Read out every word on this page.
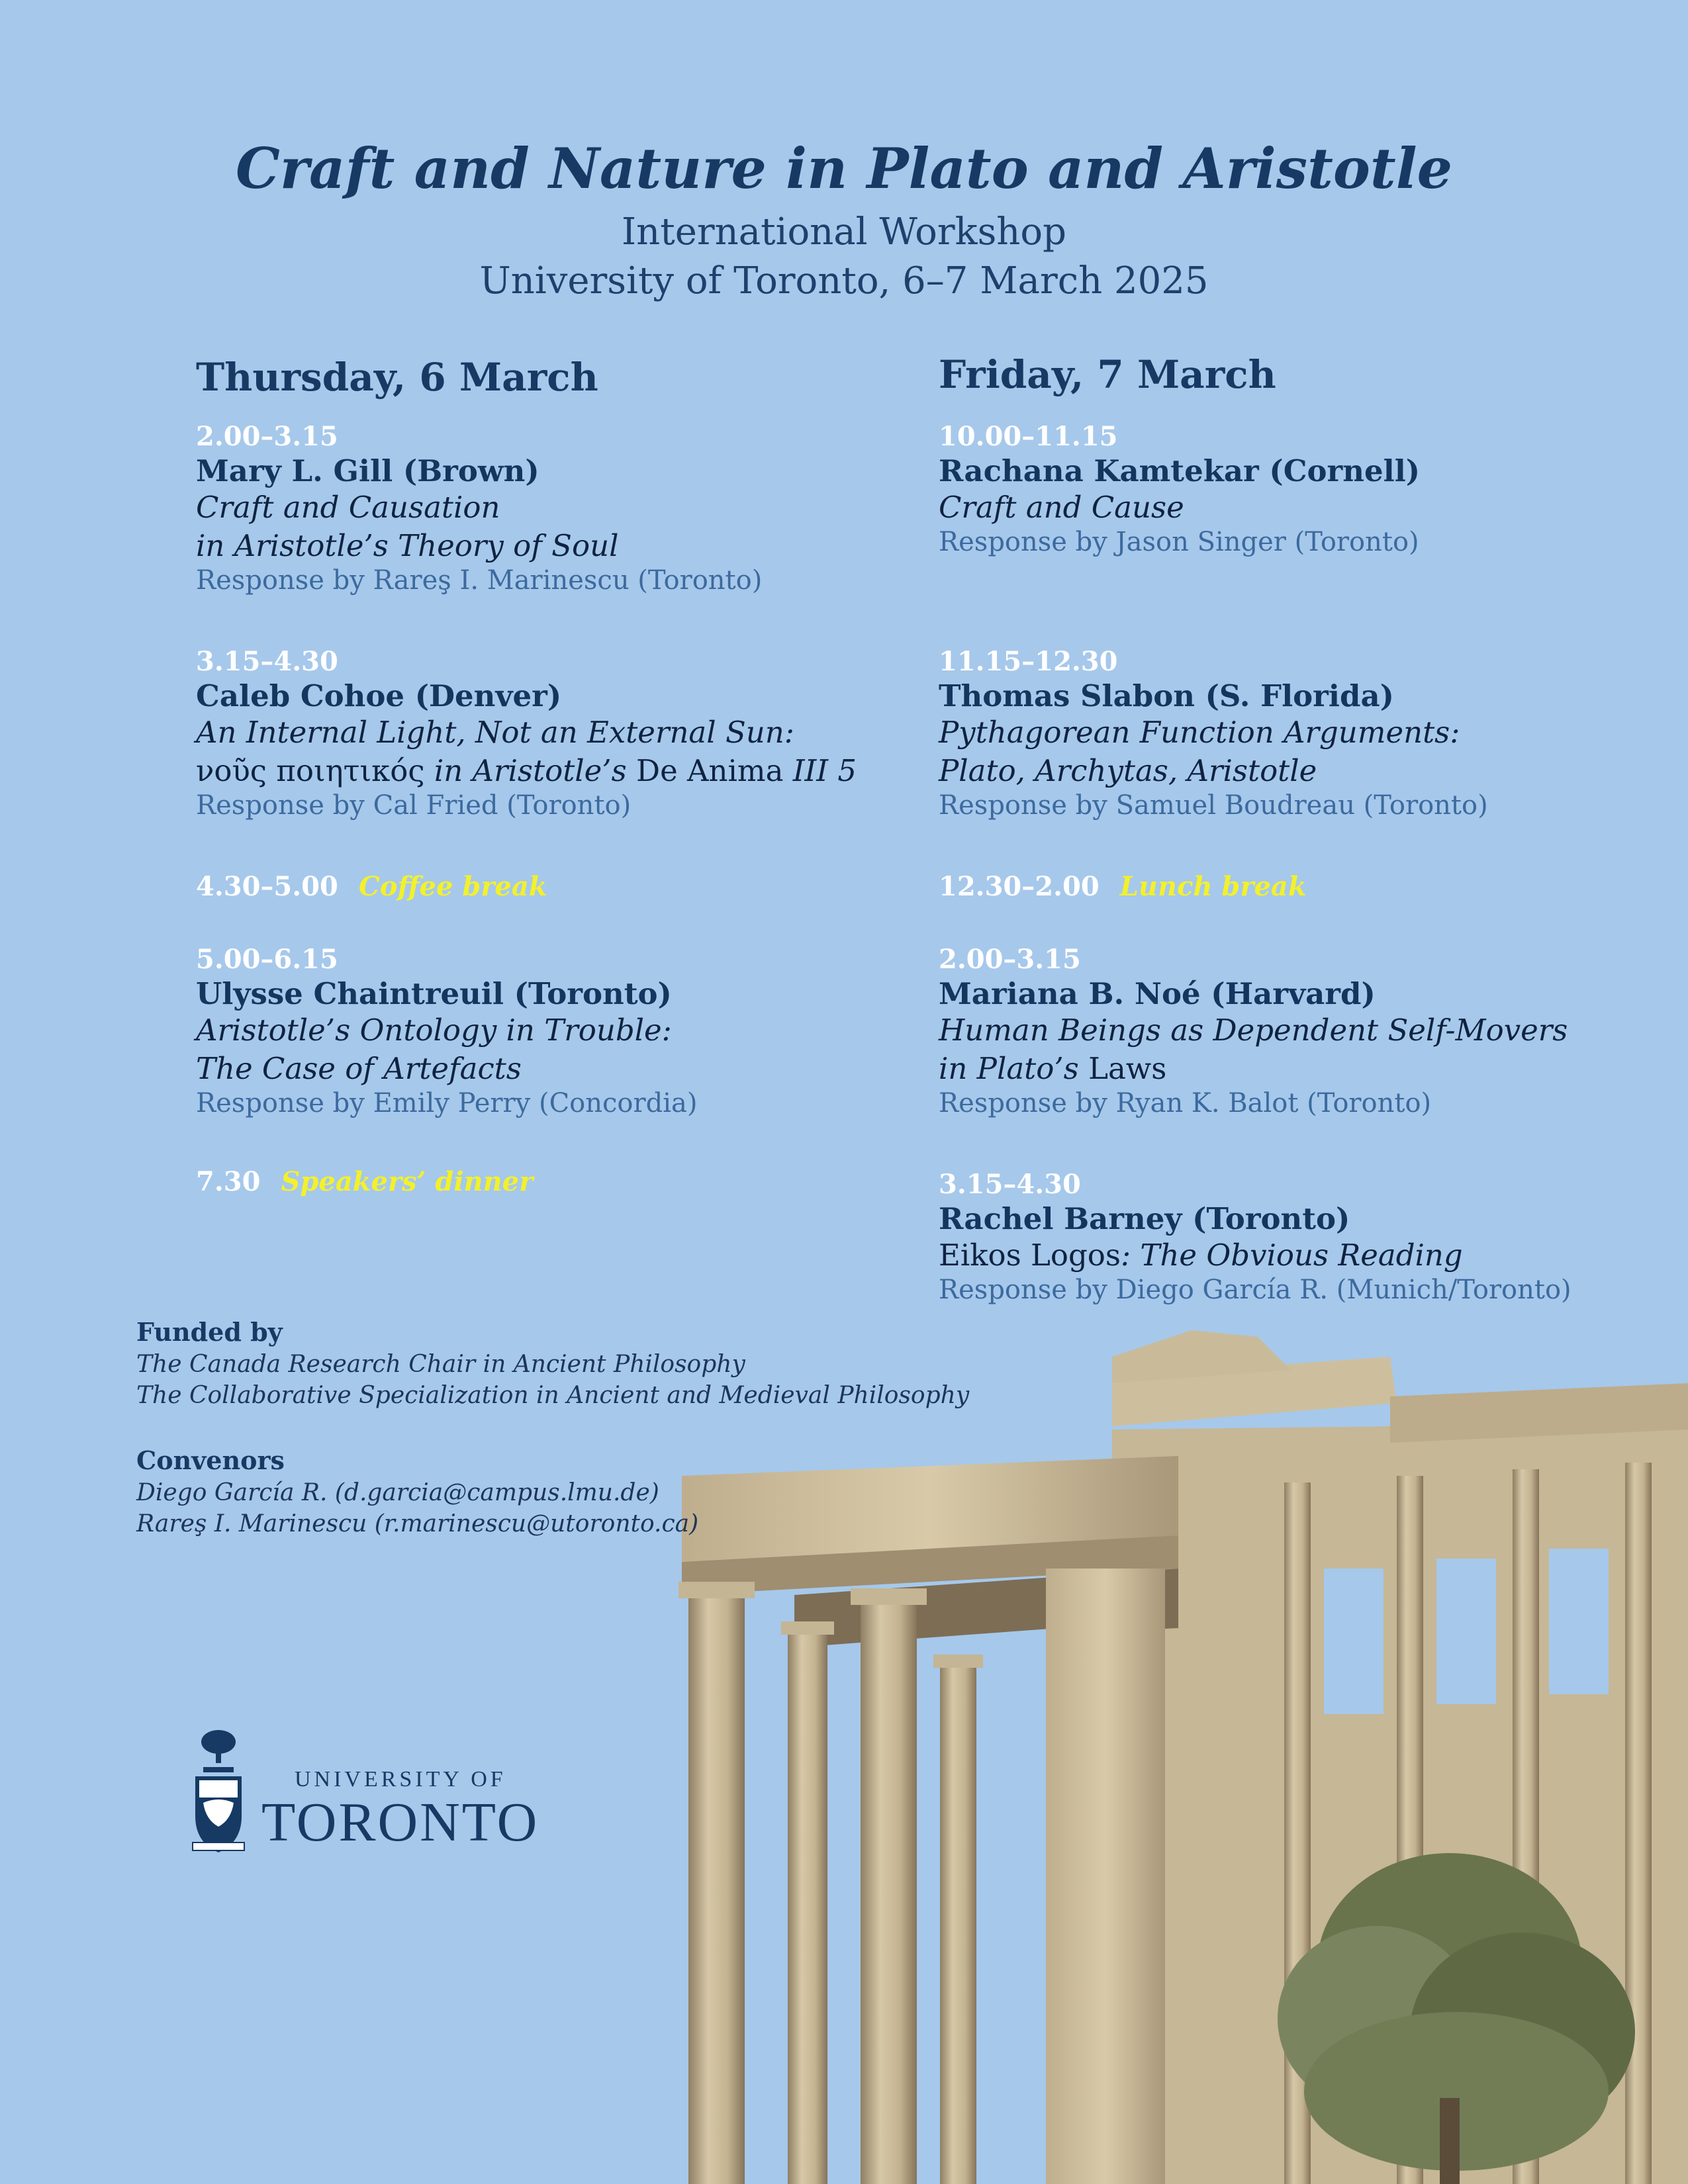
Craft and Nature in Plato and Aristotle
International Workshop
University of Toronto, 6–7 March 2025
Thursday, 6 March
2.00–3.15
Mary L. Gill (Brown)
Craft and Causation
in Aristotle’s Theory of Soul
Response by Rareş I. Marinescu (Toronto)
3.15–4.30
Caleb Cohoe (Denver)
An Internal Light, Not an External Sun:
νοῦς ποιητικός in Aristotle’s De Anima III 5
Response by Cal Fried (Toronto)
4.30–5.00 Coffee break
5.00–6.15
Ulysse Chaintreuil (Toronto)
Aristotle’s Ontology in Trouble:
The Case of Artefacts
Response by Emily Perry (Concordia)
7.30 Speakers’ dinner
Friday, 7 March
10.00–11.15
Rachana Kamtekar (Cornell)
Craft and Cause
Response by Jason Singer (Toronto)
11.15–12.30
Thomas Slabon (S. Florida)
Pythagorean Function Arguments:
Plato, Archytas, Aristotle
Response by Samuel Boudreau (Toronto)
12.30–2.00 Lunch break
2.00–3.15
Mariana B. Noé (Harvard)
Human Beings as Dependent Self-Movers
in Plato’s Laws
Response by Ryan K. Balot (Toronto)
3.15–4.30
Rachel Barney (Toronto)
Eikos Logos: The Obvious Reading
Response by Diego García R. (Munich/Toronto)
Funded by
The Canada Research Chair in Ancient Philosophy
The Collaborative Specialization in Ancient and Medieval Philosophy
Convenors
Diego García R. (d.garcia@campus.lmu.de)
Rareş I. Marinescu (r.marinescu@utoronto.ca)
UNIVERSITY OF
TORONTO
